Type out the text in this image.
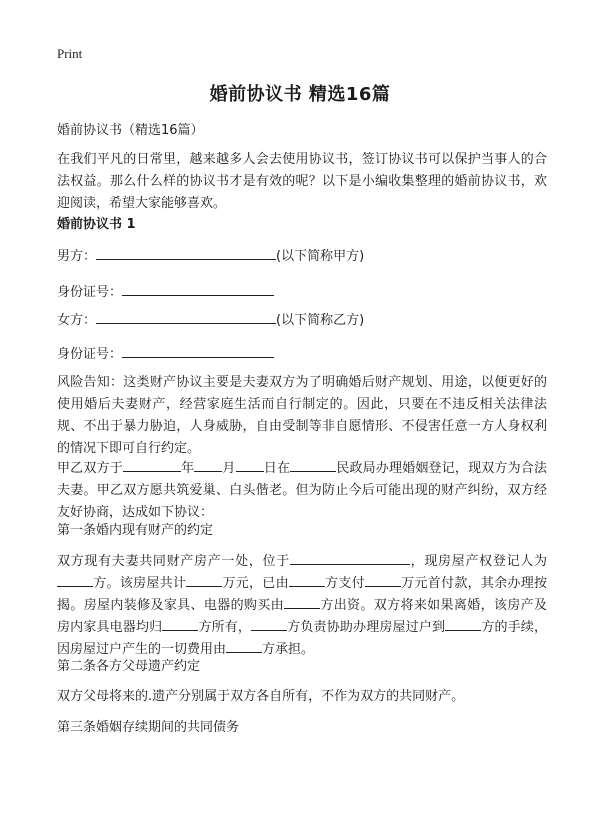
Print
婚前协议书 精选16篇
婚前协议书（精选16篇）
在我们平凡的日常里，越来越多人会去使用协议书，签订协议书可以保护当事人的合法权益。那么什么样的协议书才是有效的呢？以下是小编收集整理的婚前协议书，欢迎阅读，希望大家能够喜欢。
婚前协议书 1
男方：	(以下简称甲方)
身份证号：
女方：	(以下简称乙方)
身份证号：
风险告知：这类财产协议主要是夫妻双方为了明确婚后财产规划、用途，以便更好的使用婚后夫妻财产，经营家庭生活而自行制定的。因此，只要在不违反相关法律法规、不出于暴力胁迫，人身威胁，自由受制等非自愿情形、不侵害任意一方人身权利的情况下即可自行约定。
甲乙双方于	年 月 日在	民政局办理婚姻登记，现双方为合法夫妻。甲乙双方愿共筑爱巢、白头偕老。但为防止今后可能出现的财产纠纷，双方经友好协商，达成如下协议：
第一条婚内现有财产的约定
双方现有夫妻共同财产房产一处，位于	，现房屋产权登记人为方。该房屋共计	万元，已由	方支付	万元首付款，其余办理按揭。房屋内装修及家具、电器的购买由	方出资。双方将来如果离婚，该房产及房内家具电器均归	方所有，	方负责协助办理房屋过户到	方的手续，因房屋过户产生的一切费用由	方承担。
第二条各方父母遗产约定
双方父母将来的.遗产分别属于双方各自所有，不作为双方的共同财产。
第三条婚姻存续期间的共同债务
